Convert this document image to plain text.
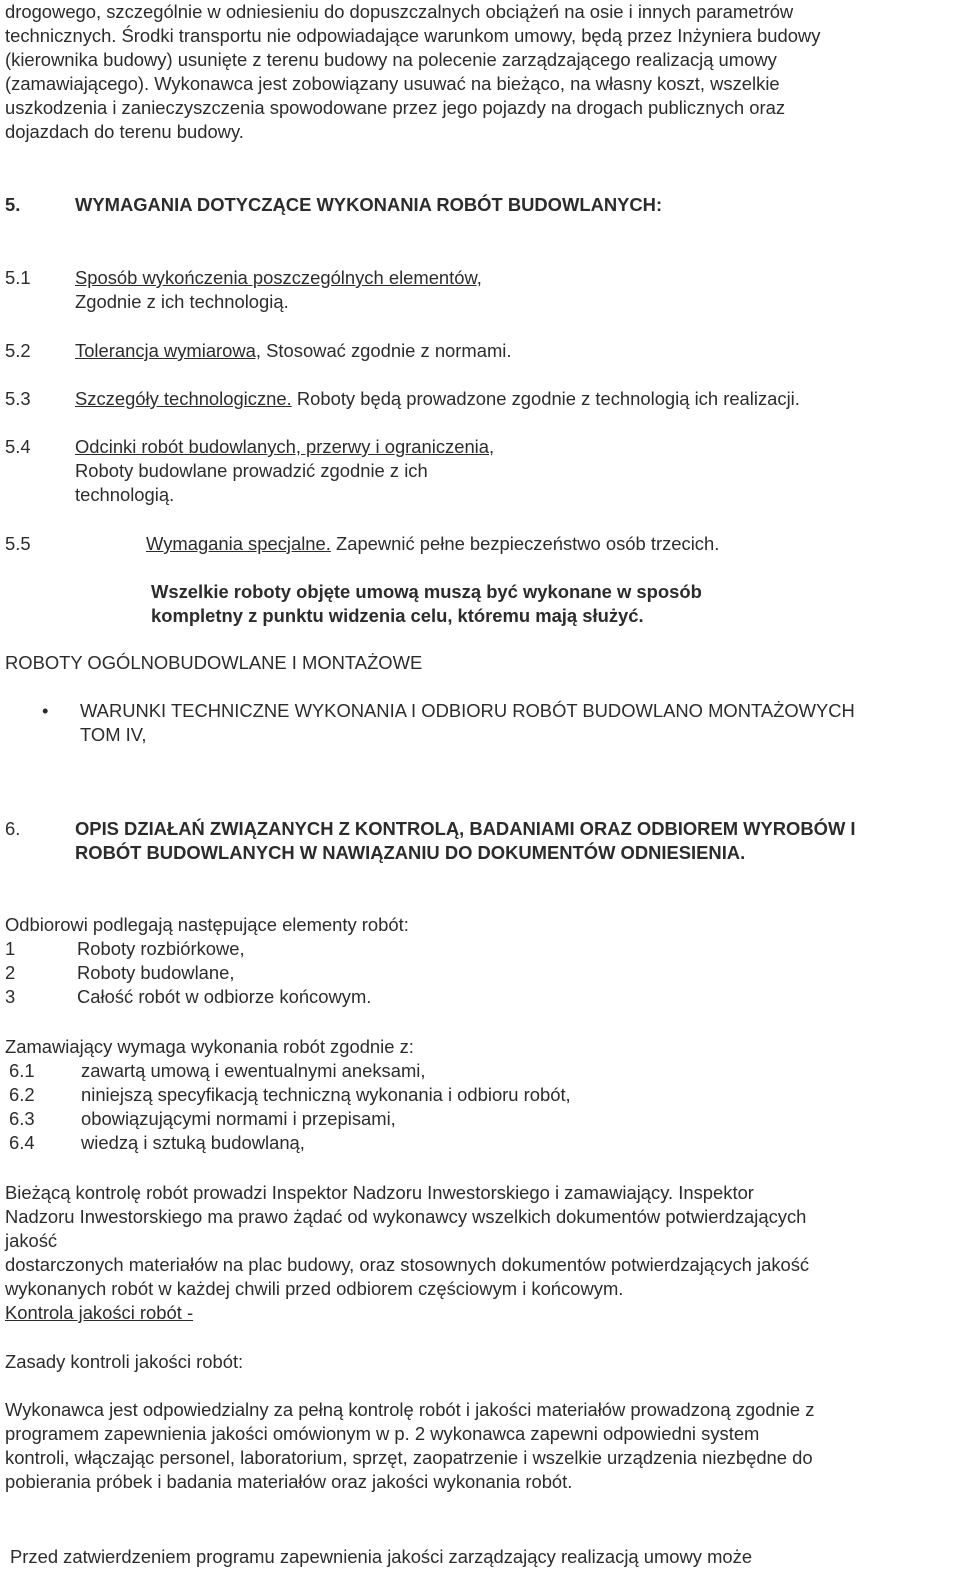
drogowego, szczególnie w odniesieniu do dopuszczalnych obciążeń na osie i innych parametrów
technicznych. Środki transportu nie odpowiadające warunkom umowy, będą przez Inżyniera budowy
(kierownika budowy) usunięte z terenu budowy na polecenie zarządzającego realizacją umowy
(zamawiającego). Wykonawca jest zobowiązany usuwać na bieżąco, na własny koszt, wszelkie
uszkodzenia i zanieczyszczenia spowodowane przez jego pojazdy na drogach publicznych oraz
dojazdach do terenu budowy.
5.	WYMAGANIA DOTYCZĄCE WYKONANIA ROBÓT BUDOWLANYCH:
5.1 Sposób wykończenia poszczególnych elementów,
Zgodnie z ich technologią.
5.2 Tolerancja wymiarowa, Stosować zgodnie z normami.
5.3 Szczegóły technologiczne. Roboty będą prowadzone zgodnie z technologią ich realizacji.
5.4 Odcinki robót budowlanych, przerwy i ograniczenia,
Roboty budowlane prowadzić zgodnie z ich
technologią.
5.5	Wymagania specjalne. Zapewnić pełne bezpieczeństwo osób trzecich.
Wszelkie roboty objęte umową muszą być wykonane w sposób
kompletny z punktu widzenia celu, któremu mają służyć.
ROBOTY OGÓLNOBUDOWLANE I MONTAŻOWE
• WARUNKI TECHNICZNE WYKONANIA I ODBIORU ROBÓT BUDOWLANO MONTAŻOWYCH
TOM IV,
6.	OPIS DZIAŁAŃ ZWIĄZANYCH Z KONTROLĄ, BADANIAMI ORAZ ODBIOREM WYROBÓW I
ROBÓT BUDOWLANYCH W NAWIĄZANIU DO DOKUMENTÓW ODNIESIENIA.
Odbiorowi podlegają następujące elementy robót:
1	Roboty rozbiórkowe,
2	Roboty budowlane,
3	Całość robót w odbiorze końcowym.
Zamawiający wymaga wykonania robót zgodnie z:
6.1	zawartą umową i ewentualnymi aneksami,
6.2	niniejszą specyfikacją techniczną wykonania i odbioru robót,
6.3	obowiązującymi normami i przepisami,
6.4	wiedzą i sztuką budowlaną,
Bieżącą kontrolę robót prowadzi Inspektor Nadzoru Inwestorskiego i zamawiający. Inspektor
Nadzoru Inwestorskiego ma prawo żądać od wykonawcy wszelkich dokumentów potwierdzających
jakość
dostarczonych materiałów na plac budowy, oraz stosownych dokumentów potwierdzających jakość
wykonanych robót w każdej chwili przed odbiorem częściowym i końcowym.
Kontrola jakości robót -
Zasady kontroli jakości robót:
Wykonawca jest odpowiedzialny za pełną kontrolę robót i jakości materiałów prowadzoną zgodnie z
programem zapewnienia jakości omówionym w p. 2 wykonawca zapewni odpowiedni system
kontroli, włączając personel, laboratorium, sprzęt, zaopatrzenie i wszelkie urządzenia niezbędne do
pobierania próbek i badania materiałów oraz jakości wykonania robót.
Przed zatwierdzeniem programu zapewnienia jakości zarządzający realizacją umowy może
